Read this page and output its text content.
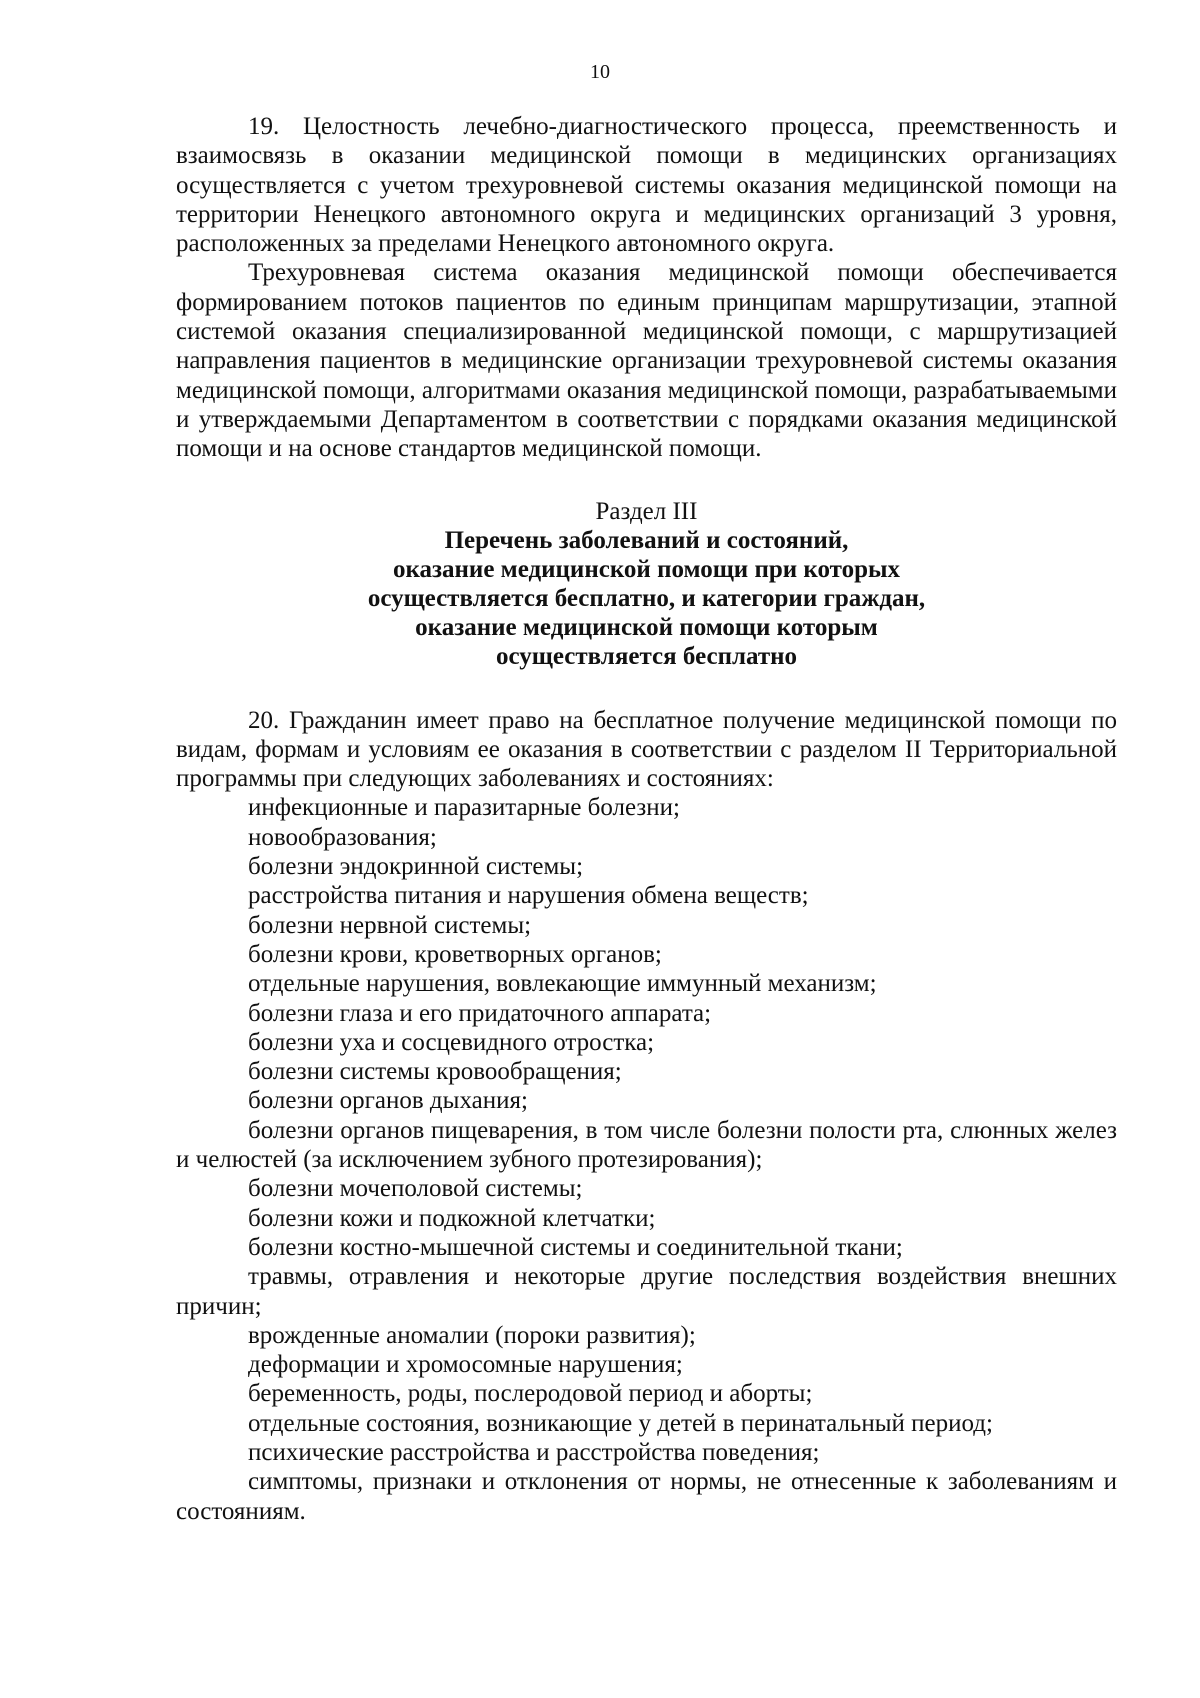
10

19. Целостность лечебно-диагностического процесса, преемственность и взаимосвязь в оказании медицинской помощи в медицинских организациях осуществляется с учетом трехуровневой системы оказания медицинской помощи на территории Ненецкого автономного округа и медицинских организаций 3 уровня, расположенных за пределами Ненецкого автономного округа.

Трехуровневая система оказания медицинской помощи обеспечивается формированием потоков пациентов по единым принципам маршрутизации, этапной системой оказания специализированной медицинской помощи, с маршрутизацией направления пациентов в медицинские организации трехуровневой системы оказания медицинской помощи, алгоритмами оказания медицинской помощи, разрабатываемыми и утверждаемыми Департаментом в соответствии с порядками оказания медицинской помощи и на основе стандартов медицинской помощи.

Раздел III
Перечень заболеваний и состояний,
оказание медицинской помощи при которых
осуществляется бесплатно, и категории граждан,
оказание медицинской помощи которым
осуществляется бесплатно

20. Гражданин имеет право на бесплатное получение медицинской помощи по видам, формам и условиям ее оказания в соответствии с разделом II Территориальной программы при следующих заболеваниях и состояниях:

инфекционные и паразитарные болезни;
новообразования;
болезни эндокринной системы;
расстройства питания и нарушения обмена веществ;
болезни нервной системы;
болезни крови, кроветворных органов;
отдельные нарушения, вовлекающие иммунный механизм;
болезни глаза и его придаточного аппарата;
болезни уха и сосцевидного отростка;
болезни системы кровообращения;
болезни органов дыхания;
болезни органов пищеварения, в том числе болезни полости рта, слюнных желез и челюстей (за исключением зубного протезирования);
болезни мочеполовой системы;
болезни кожи и подкожной клетчатки;
болезни костно-мышечной системы и соединительной ткани;
травмы, отравления и некоторые другие последствия воздействия внешних причин;
врожденные аномалии (пороки развития);
деформации и хромосомные нарушения;
беременность, роды, послеродовой период и аборты;
отдельные состояния, возникающие у детей в перинатальный период;
психические расстройства и расстройства поведения;
симптомы, признаки и отклонения от нормы, не отнесенные к заболеваниям и состояниям.
